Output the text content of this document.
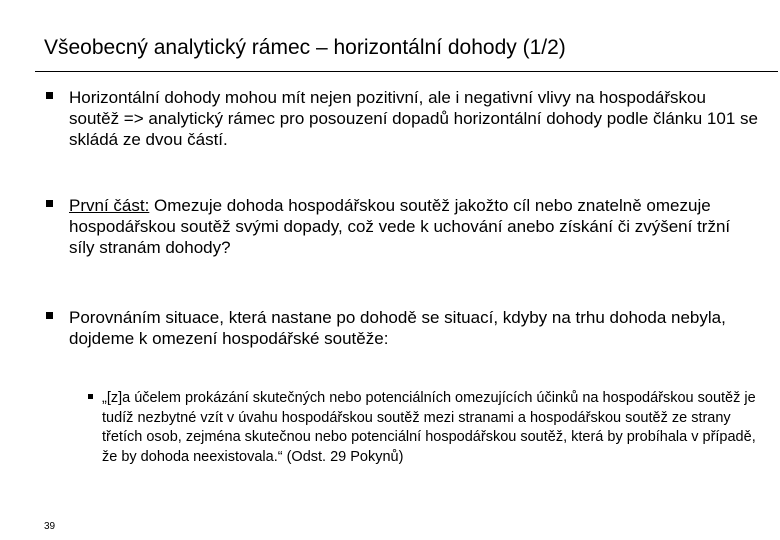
Všeobecný analytický rámec – horizontální dohody (1/2)
Horizontální dohody mohou mít nejen pozitivní, ale i negativní vlivy na hospodářskou soutěž => analytický rámec pro posouzení dopadů horizontální dohody podle článku 101 se skládá ze dvou částí.
První část: Omezuje dohoda hospodářskou soutěž jakožto cíl nebo znatelně omezuje hospodářskou soutěž svými dopady, což vede k uchování anebo získání či zvýšení tržní síly stranám dohody?
Porovnáním situace, která nastane po dohodě se situací, kdyby na trhu dohoda nebyla, dojdeme k omezení hospodářské soutěže:
„[z]a účelem prokázání skutečných nebo potenciálních omezujících účinků na hospodářskou soutěž je tudíž nezbytné vzít v úvahu hospodářskou soutěž mezi stranami a hospodářskou soutěž ze strany třetích osob, zejména skutečnou nebo potenciální hospodářskou soutěž, která by probíhala v případě, že by dohoda neexistovala.“ (Odst. 29 Pokynů)
39
